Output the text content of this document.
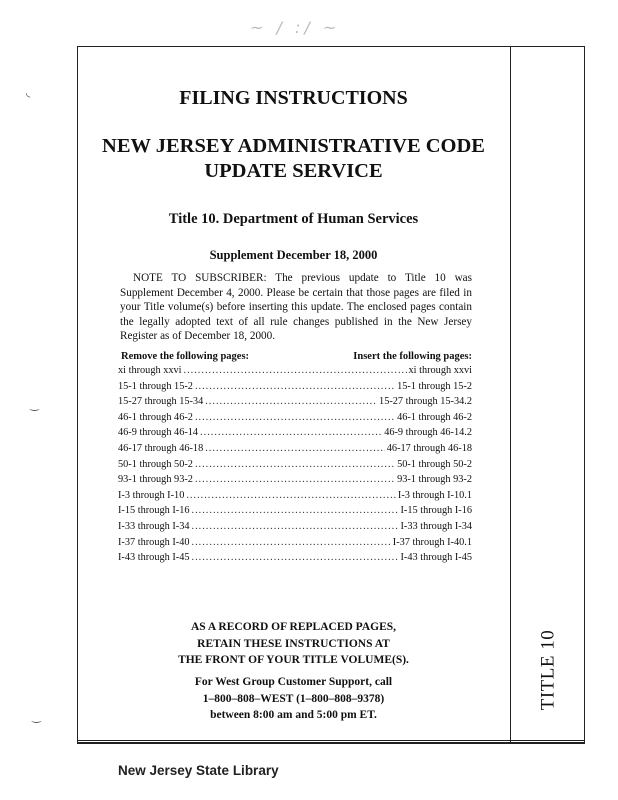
~ / :/ ~
◟
‿
‿
TITLE 10
FILING INSTRUCTIONS
NEW JERSEY ADMINISTRATIVE CODE
UPDATE SERVICE
Title 10. Department of Human Services
Supplement December 18, 2000
NOTE TO SUBSCRIBER: The previous update to Title 10 was Supplement December 4, 2000. Please be certain that those pages are filed in your Title volume(s) before inserting this update. The enclosed pages contain the legally adopted text of all rule changes published in the New Jersey Register as of December 18, 2000.
Remove the following pages:	Insert the following pages:
xi through xxvi .....	xi through xxvi
15-1 through 15-2 .....	15-1 through 15-2
15-27 through 15-34 .....	15-27 through 15-34.2
46-1 through 46-2 .....	46-1 through 46-2
46-9 through 46-14 .....	46-9 through 46-14.2
46-17 through 46-18 .....	46-17 through 46-18
50-1 through 50-2 .....	50-1 through 50-2
93-1 through 93-2 .....	93-1 through 93-2
I-3 through I-10 .....	I-3 through I-10.1
I-15 through I-16 .....	I-15 through I-16
I-33 through I-34 .....	I-33 through I-34
I-37 through I-40 .....	I-37 through I-40.1
I-43 through I-45 .....	I-43 through I-45
AS A RECORD OF REPLACED PAGES,
RETAIN THESE INSTRUCTIONS AT
THE FRONT OF YOUR TITLE VOLUME(S).
For West Group Customer Support, call
1–800–808–WEST (1–800–808–9378)
between 8:00 am and 5:00 pm ET.
New Jersey State Library
